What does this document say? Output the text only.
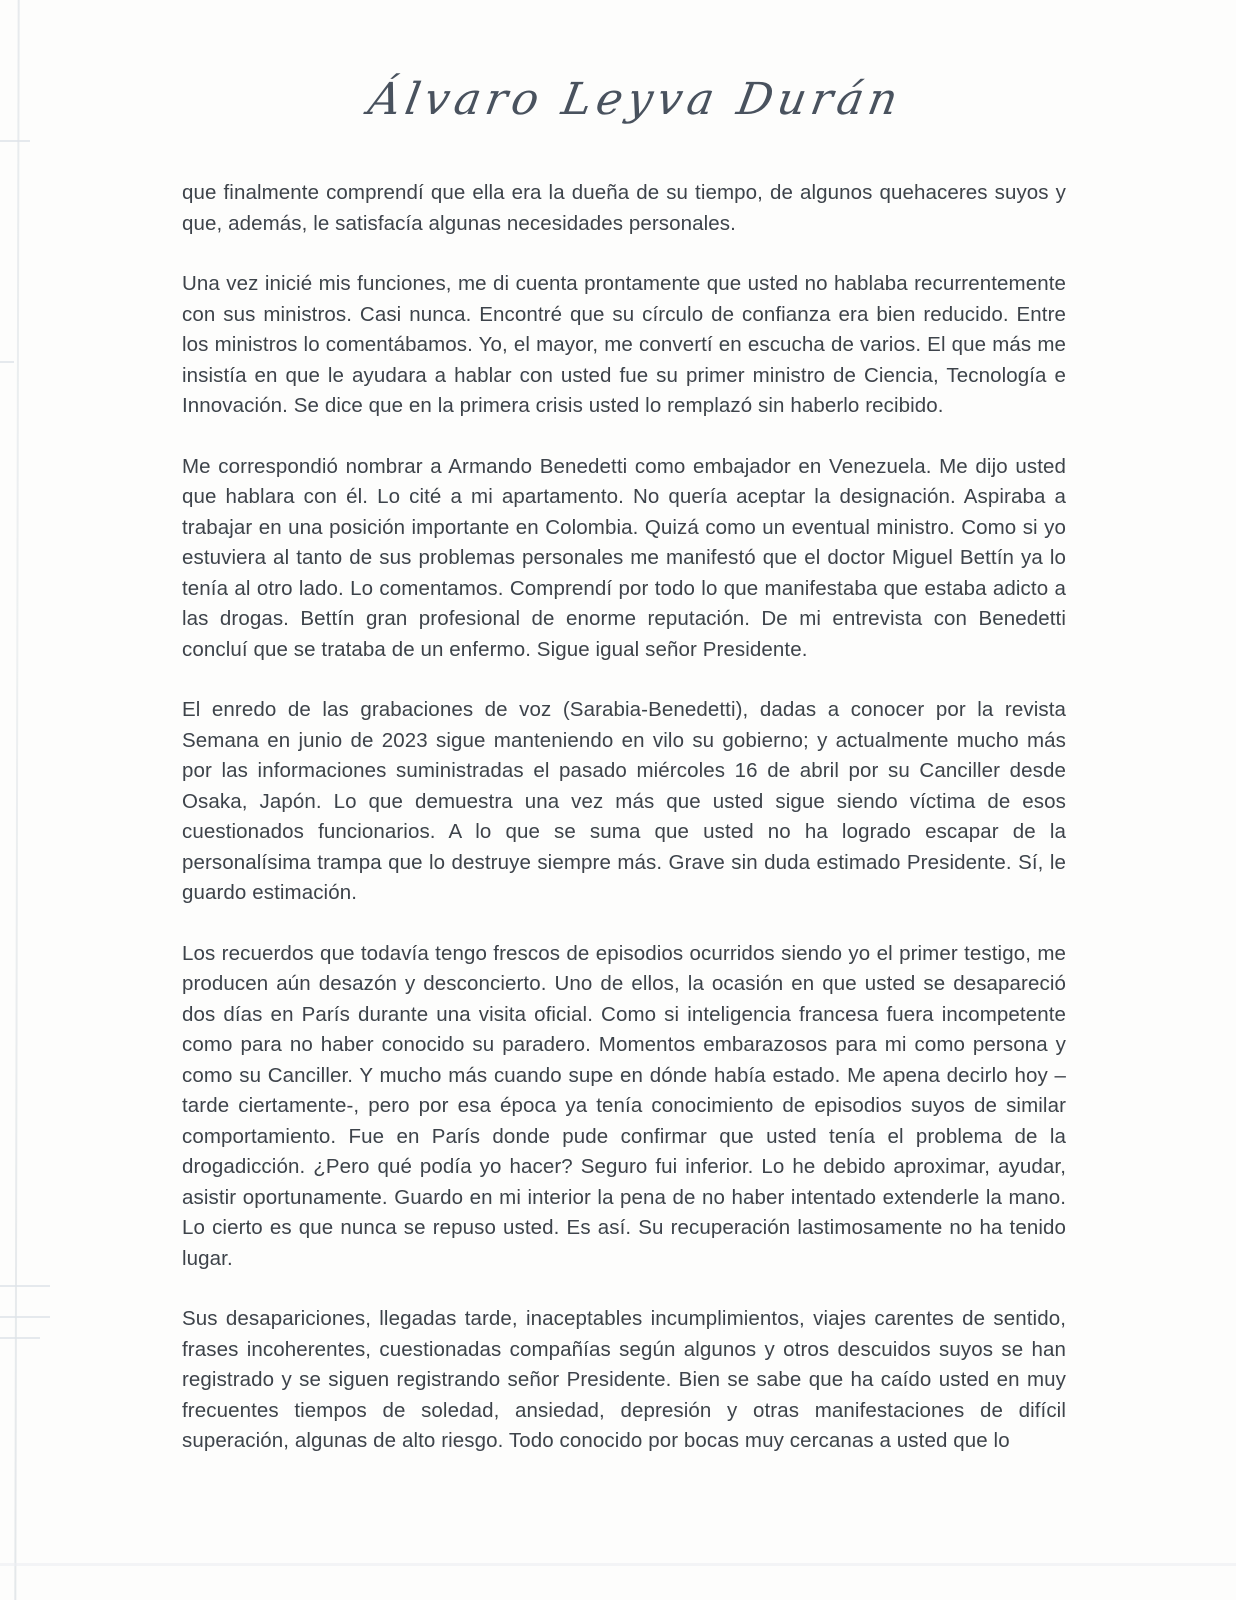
Álvaro Leyva Durán

que finalmente comprendí que ella era la dueña de su tiempo, de algunos quehaceres suyos y que, además, le satisfacía algunas necesidades personales.

Una vez inicié mis funciones, me di cuenta prontamente que usted no hablaba recurrentemente con sus ministros. Casi nunca. Encontré que su círculo de confianza era bien reducido. Entre los ministros lo comentábamos. Yo, el mayor, me convertí en escucha de varios. El que más me insistía en que le ayudara a hablar con usted fue su primer ministro de Ciencia, Tecnología e Innovación. Se dice que en la primera crisis usted lo remplazó sin haberlo recibido.

Me correspondió nombrar a Armando Benedetti como embajador en Venezuela. Me dijo usted que hablara con él. Lo cité a mi apartamento. No quería aceptar la designación. Aspiraba a trabajar en una posición importante en Colombia. Quizá como un eventual ministro. Como si yo estuviera al tanto de sus problemas personales me manifestó que el doctor Miguel Bettín ya lo tenía al otro lado. Lo comentamos. Comprendí por todo lo que manifestaba que estaba adicto a las drogas. Bettín gran profesional de enorme reputación. De mi entrevista con Benedetti concluí que se trataba de un enfermo. Sigue igual señor Presidente.

El enredo de las grabaciones de voz (Sarabia-Benedetti), dadas a conocer por la revista Semana en junio de 2023 sigue manteniendo en vilo su gobierno; y actualmente mucho más por las informaciones suministradas el pasado miércoles 16 de abril por su Canciller desde Osaka, Japón. Lo que demuestra una vez más que usted sigue siendo víctima de esos cuestionados funcionarios. A lo que se suma que usted no ha logrado escapar de la personalísima trampa que lo destruye siempre más. Grave sin duda estimado Presidente. Sí, le guardo estimación.

Los recuerdos que todavía tengo frescos de episodios ocurridos siendo yo el primer testigo, me producen aún desazón y desconcierto. Uno de ellos, la ocasión en que usted se desapareció dos días en París durante una visita oficial. Como si inteligencia francesa fuera incompetente como para no haber conocido su paradero. Momentos embarazosos para mi como persona y como su Canciller. Y mucho más cuando supe en dónde había estado. Me apena decirlo hoy –tarde ciertamente-, pero por esa época ya tenía conocimiento de episodios suyos de similar comportamiento. Fue en París donde pude confirmar que usted tenía el problema de la drogadicción. ¿Pero qué podía yo hacer? Seguro fui inferior. Lo he debido aproximar, ayudar, asistir oportunamente. Guardo en mi interior la pena de no haber intentado extenderle la mano. Lo cierto es que nunca se repuso usted. Es así. Su recuperación lastimosamente no ha tenido lugar.

Sus desapariciones, llegadas tarde, inaceptables incumplimientos, viajes carentes de sentido, frases incoherentes, cuestionadas compañías según algunos y otros descuidos suyos se han registrado y se siguen registrando señor Presidente. Bien se sabe que ha caído usted en muy frecuentes tiempos de soledad, ansiedad, depresión y otras manifestaciones de difícil superación, algunas de alto riesgo. Todo conocido por bocas muy cercanas a usted que lo
